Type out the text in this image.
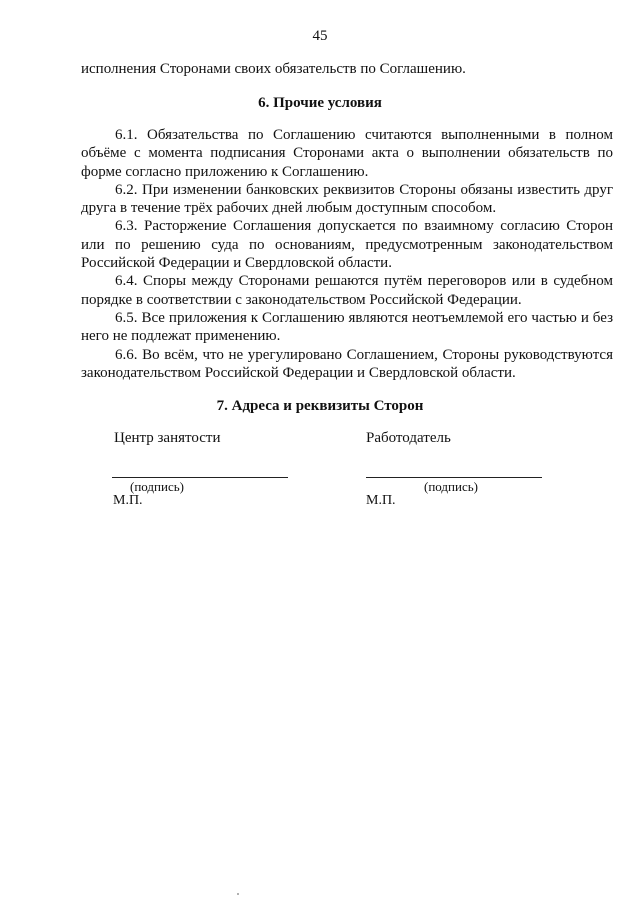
45
исполнения Сторонами своих обязательств по Соглашению.
6. Прочие условия

6.1. Обязательства по Соглашению считаются выполненными в полном объёме с момента подписания Сторонами акта о выполнении обязательств по форме согласно приложению к Соглашению.

6.2. При изменении банковских реквизитов Стороны обязаны известить друг друга в течение трёх рабочих дней любым доступным способом.

6.3. Расторжение Соглашения допускается по взаимному согласию Сторон или по решению суда по основаниям, предусмотренным законодательством Российской Федерации и Свердловской области.

6.4. Споры между Сторонами решаются путём переговоров или в судебном порядке в соответствии с законодательством Российской Федерации.

6.5. Все приложения к Соглашению являются неотъемлемой его частью и без него не подлежат применению.

6.6. Во всём, что не урегулировано Соглашением, Стороны руководствуются законодательством Российской Федерации и Свердловской области.

7. Адреса и реквизиты Сторон
Центр занятости	Работодатель
(подпись)	(подпись)
М.П.	М.П.
